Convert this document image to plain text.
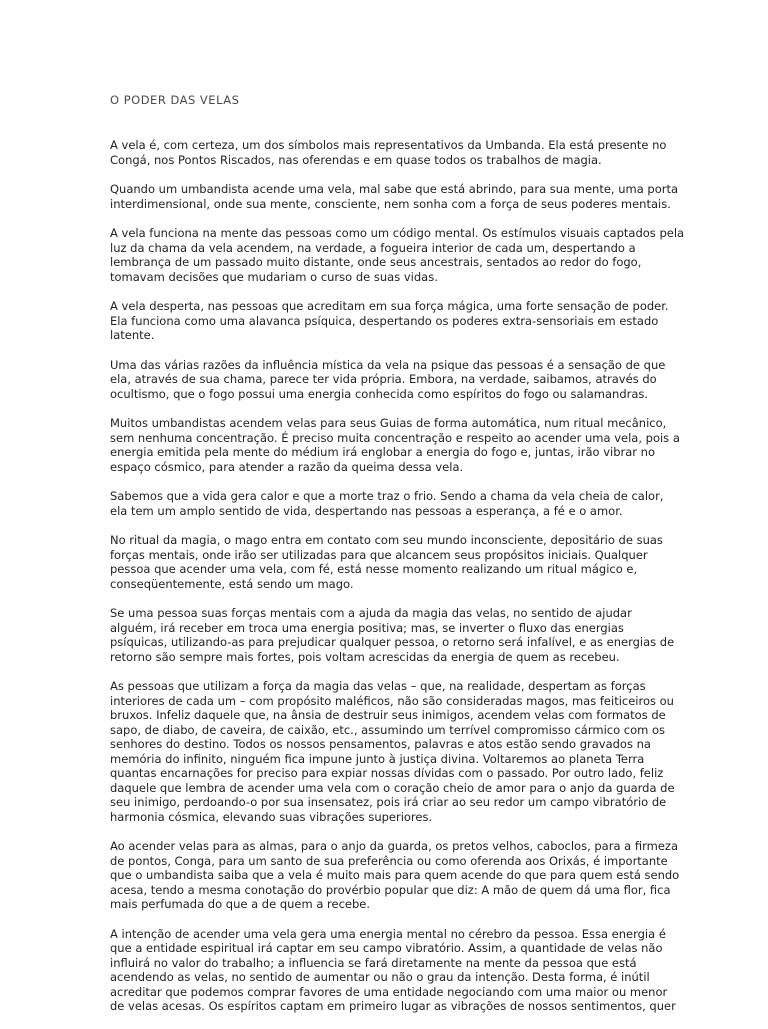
O PODER DAS VELAS

A vela é, com certeza, um dos símbolos mais representativos da Umbanda. Ela está presente no
Congá, nos Pontos Riscados, nas oferendas e em quase todos os trabalhos de magia.

Quando um umbandista acende uma vela, mal sabe que está abrindo, para sua mente, uma porta
interdimensional, onde sua mente, consciente, nem sonha com a força de seus poderes mentais.

A vela funciona na mente das pessoas como um código mental. Os estímulos visuais captados pela
luz da chama da vela acendem, na verdade, a fogueira interior de cada um, despertando a
lembrança de um passado muito distante, onde seus ancestrais, sentados ao redor do fogo,
tomavam decisões que mudariam o curso de suas vidas.

A vela desperta, nas pessoas que acreditam em sua força mágica, uma forte sensação de poder.
Ela funciona como uma alavanca psíquica, despertando os poderes extra-sensoriais em estado
latente.

Uma das várias razões da influência mística da vela na psique das pessoas é a sensação de que
ela, através de sua chama, parece ter vida própria. Embora, na verdade, saibamos, através do
ocultismo, que o fogo possui uma energia conhecida como espíritos do fogo ou salamandras.

Muitos umbandistas acendem velas para seus Guias de forma automática, num ritual mecânico,
sem nenhuma concentração. É preciso muita concentração e respeito ao acender uma vela, pois a
energia emitida pela mente do médium irá englobar a energia do fogo e, juntas, irão vibrar no
espaço cósmico, para atender a razão da queima dessa vela.

Sabemos que a vida gera calor e que a morte traz o frio. Sendo a chama da vela cheia de calor,
ela tem um amplo sentido de vida, despertando nas pessoas a esperança, a fé e o amor.

No ritual da magia, o mago entra em contato com seu mundo inconsciente, depositário de suas
forças mentais, onde irão ser utilizadas para que alcancem seus propósitos iniciais. Qualquer
pessoa que acender uma vela, com fé, está nesse momento realizando um ritual mágico e,
conseqüentemente, está sendo um mago.

Se uma pessoa suas forças mentais com a ajuda da magia das velas, no sentido de ajudar
alguém, irá receber em troca uma energia positiva; mas, se inverter o fluxo das energias
psíquicas, utilizando-as para prejudicar qualquer pessoa, o retorno será infalível, e as energias de
retorno são sempre mais fortes, pois voltam acrescidas da energia de quem as recebeu.

As pessoas que utilizam a força da magia das velas – que, na realidade, despertam as forças
interiores de cada um – com propósito maléficos, não são consideradas magos, mas feiticeiros ou
bruxos. Infeliz daquele que, na ânsia de destruir seus inimigos, acendem velas com formatos de
sapo, de diabo, de caveira, de caixão, etc., assumindo um terrível compromisso cármico com os
senhores do destino. Todos os nossos pensamentos, palavras e atos estão sendo gravados na
memória do infinito, ninguém fica impune junto à justiça divina. Voltaremos ao planeta Terra
quantas encarnações for preciso para expiar nossas dívidas com o passado. Por outro lado, feliz
daquele que lembra de acender uma vela com o coração cheio de amor para o anjo da guarda de
seu inimigo, perdoando-o por sua insensatez, pois irá criar ao seu redor um campo vibratório de
harmonia cósmica, elevando suas vibrações superiores.

Ao acender velas para as almas, para o anjo da guarda, os pretos velhos, caboclos, para a firmeza
de pontos, Conga, para um santo de sua preferência ou como oferenda aos Orixás, é importante
que o umbandista saiba que a vela é muito mais para quem acende do que para quem está sendo
acesa, tendo a mesma conotação do provérbio popular que diz: A mão de quem dá uma flor, fica
mais perfumada do que a de quem a recebe.

A intenção de acender uma vela gera uma energia mental no cérebro da pessoa. Essa energia é
que a entidade espiritual irá captar em seu campo vibratório. Assim, a quantidade de velas não
influirá no valor do trabalho; a influencia se fará diretamente na mente da pessoa que está
acendendo as velas, no sentido de aumentar ou não o grau da intenção. Desta forma, é inútil
acreditar que podemos comprar favores de uma entidade negociando com uma maior ou menor
de velas acesas. Os espíritos captam em primeiro lugar as vibrações de nossos sentimentos, quer
